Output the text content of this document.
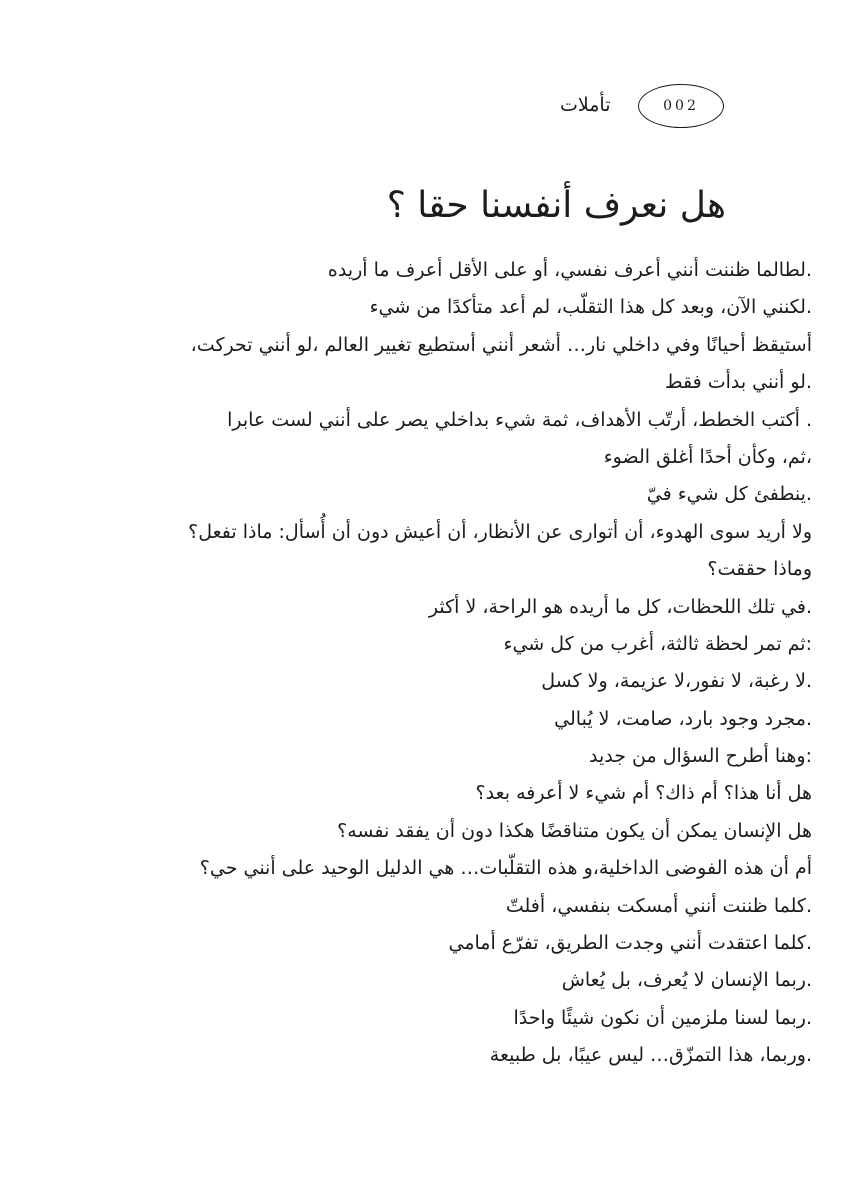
تأملات	002
هل نعرف أنفسنا حقا ؟
.لطالما ظننت أنني أعرف نفسي، أو على الأقل أعرف ما أريده
.لكنني الآن، وبعد كل هذا التقلّب، لم أعد متأكدًا من شيء
أستيقظ أحيانًا وفي داخلي نار… أشعر أنني أستطيع تغيير العالم ،لو أنني تحركت،
.لو أنني بدأت فقط
. أكتب الخطط، أرتّب الأهداف، ثمة شيء بداخلي يصر على أنني لست عابرا
،ثم، وكأن أحدًا أغلق الضوء
.ينطفئ كل شيء فيّ
ولا أريد سوى الهدوء، أن أتوارى عن الأنظار، أن أعيش دون أن أُسأل: ماذا تفعل؟
وماذا حققت؟
.في تلك اللحظات، كل ما أريده هو الراحة، لا أكثر
:ثم تمر لحظة ثالثة، أغرب من كل شيء
.لا رغبة، لا نفور،لا عزيمة، ولا كسل
.مجرد وجود بارد، صامت، لا يُبالي
:وهنا أطرح السؤال من جديد
هل أنا هذا؟ أم ذاك؟ أم شيء لا أعرفه بعد؟
هل الإنسان يمكن أن يكون متناقضًا هكذا دون أن يفقد نفسه؟
أم أن هذه الفوضى الداخلية،و هذه التقلّبات… هي الدليل الوحيد على أنني حي؟
.كلما ظننت أنني أمسكت بنفسي، أفلتّ
.كلما اعتقدت أنني وجدت الطريق، تفرّع أمامي
.ربما الإنسان لا يُعرف، بل يُعاش
.ربما لسنا ملزمين أن نكون شيئًا واحدًا
.وربما، هذا التمزّق… ليس عيبًا، بل طبيعة
